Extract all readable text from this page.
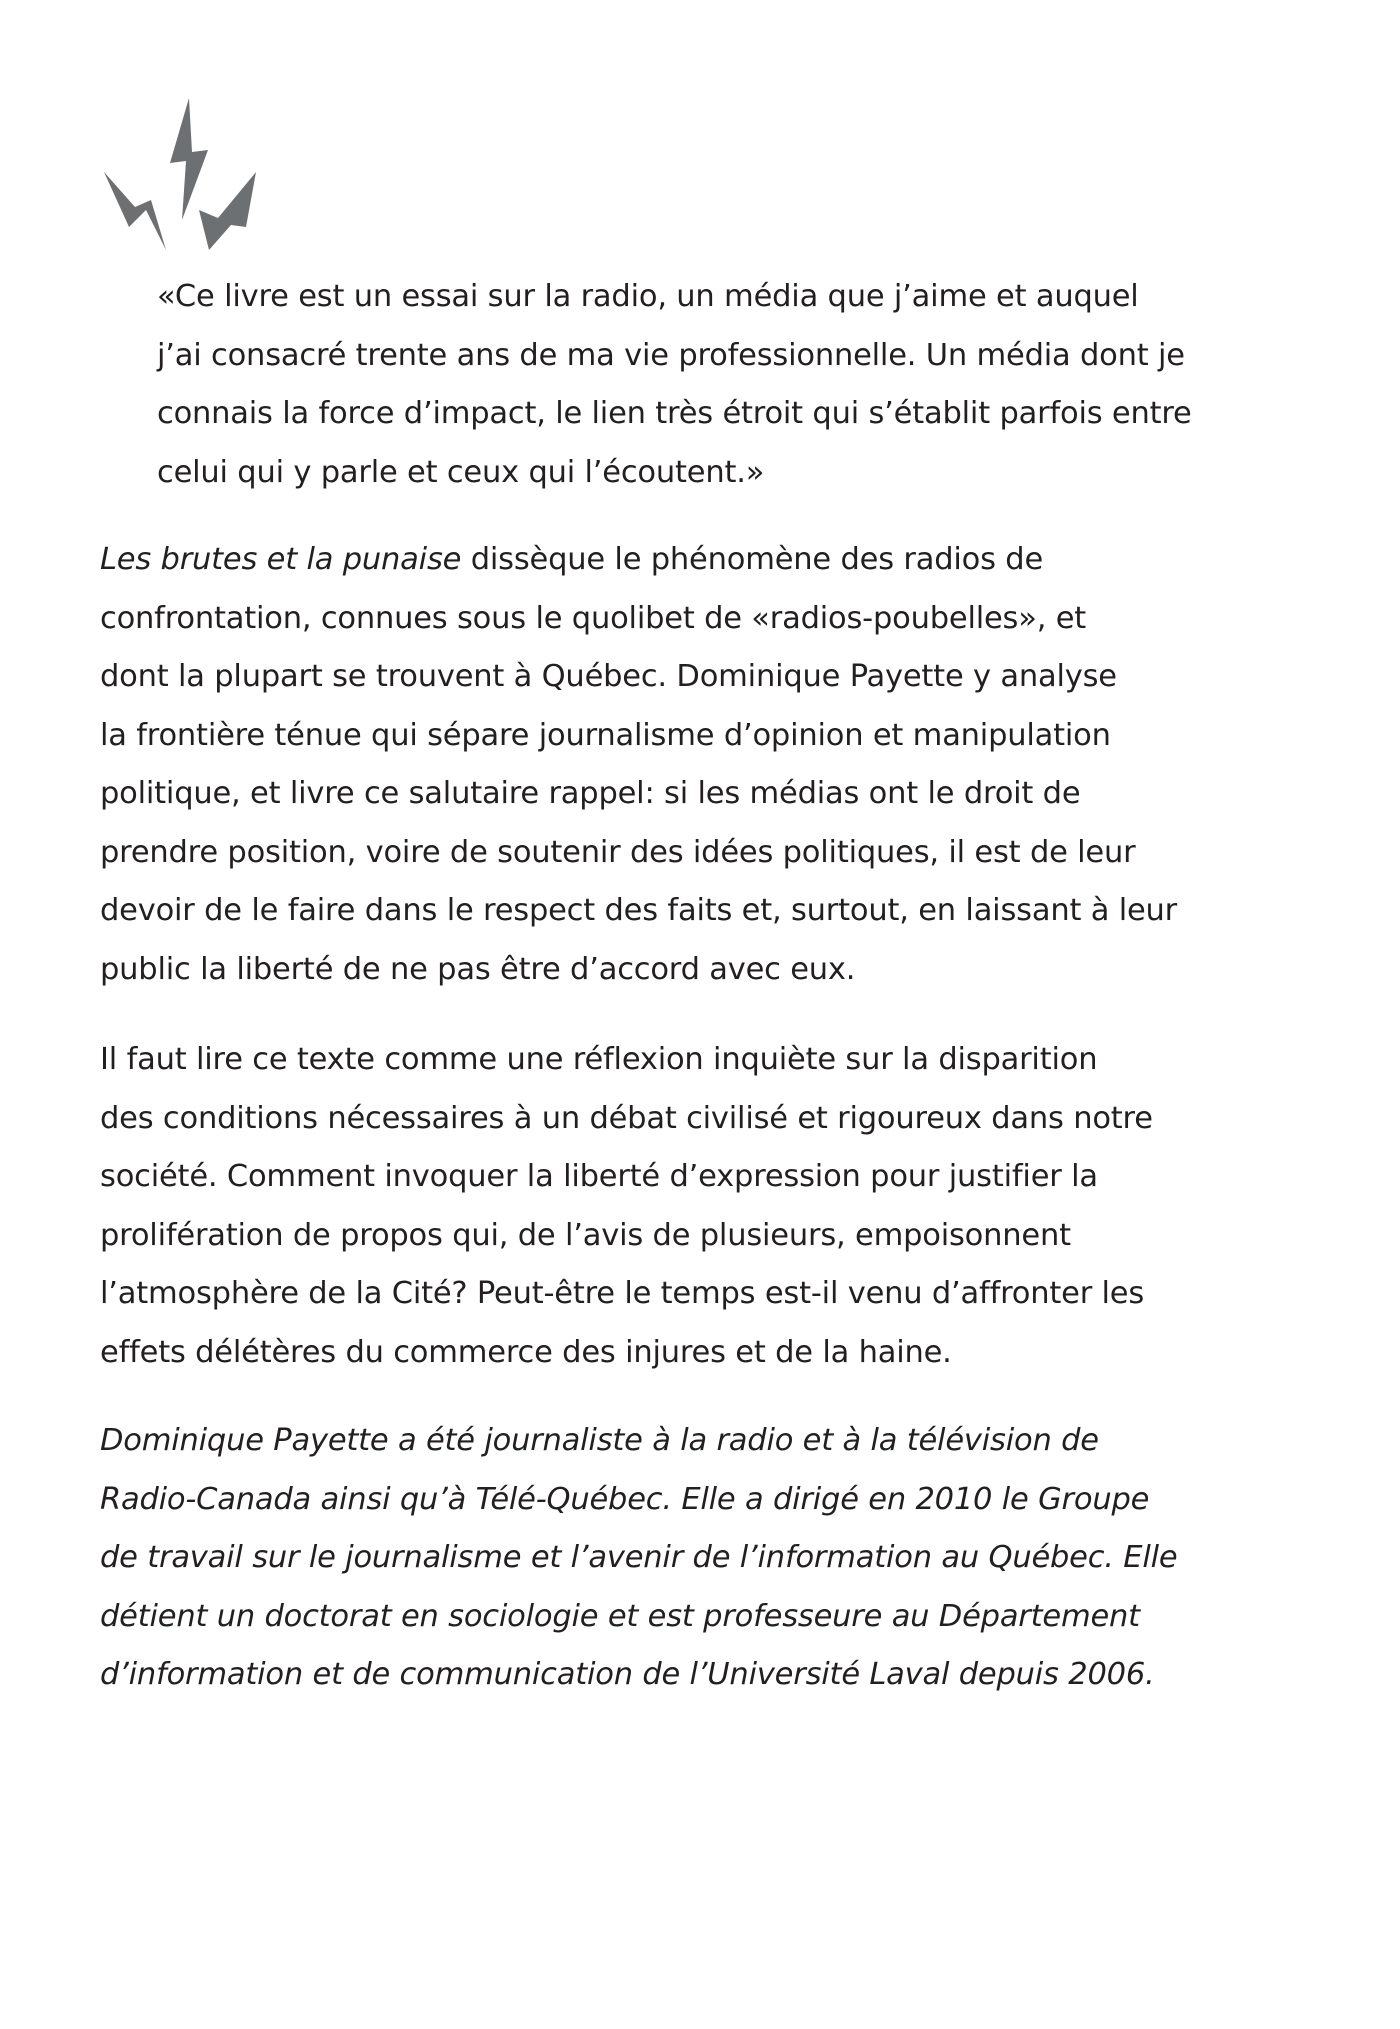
«Ce livre est un essai sur la radio, un média que j’aime et auquel
j’ai consacré trente ans de ma vie professionnelle. Un média dont je
connais la force d’impact, le lien très étroit qui s’établit parfois entre
celui qui y parle et ceux qui l’écoutent.»
Les brutes et la punaise dissèque le phénomène des radios de
confrontation, connues sous le quolibet de «radios-poubelles», et
dont la plupart se trouvent à Québec. Dominique Payette y analyse
la frontière ténue qui sépare journalisme d’opinion et manipulation
politique, et livre ce salutaire rappel: si les médias ont le droit de
prendre position, voire de soutenir des idées politiques, il est de leur
devoir de le faire dans le respect des faits et, surtout, en laissant à leur
public la liberté de ne pas être d’accord avec eux.
Il faut lire ce texte comme une réflexion inquiète sur la disparition
des conditions nécessaires à un débat civilisé et rigoureux dans notre
société. Comment invoquer la liberté d’expression pour justifier la
prolifération de propos qui, de l’avis de plusieurs, empoisonnent
l’atmosphère de la Cité? Peut-être le temps est-il venu d’affronter les
effets délétères du commerce des injures et de la haine.
Dominique Payette a été journaliste à la radio et à la télévision de
Radio-Canada ainsi qu’à Télé-Québec. Elle a dirigé en 2010 le Groupe
de travail sur le journalisme et l’avenir de l’information au Québec. Elle
détient un doctorat en sociologie et est professeure au Département
d’information et de communication de l’Université Laval depuis 2006.
